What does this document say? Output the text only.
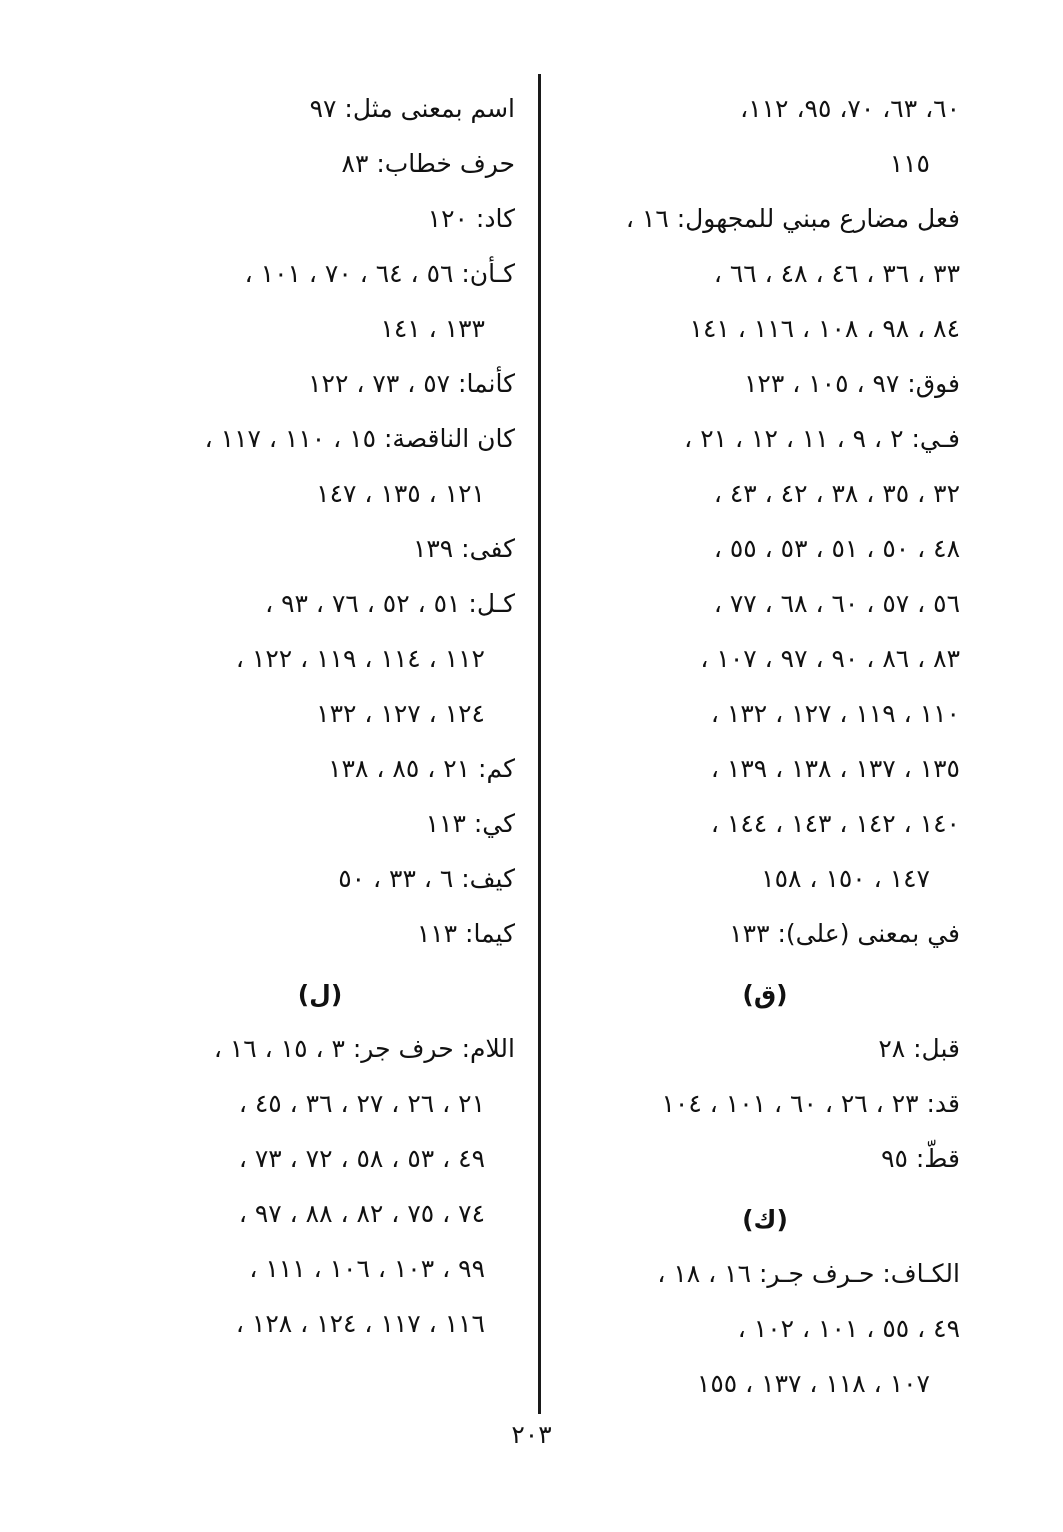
٦٠، ٦٣، ٧٠، ٩٥، ١١٢،
١١٥
فعل مضارع مبني للمجهول: ١٦ ،
٣٣ ، ٣٦ ، ٤٦ ، ٤٨ ، ٦٦ ،
٨٤ ، ٩٨ ، ١٠٨ ، ١١٦ ، ١٤١
فوق: ٩٧ ، ١٠٥ ، ١٢٣
فـي: ٢ ، ٩ ، ١١ ، ١٢ ، ٢١ ،
٣٢ ، ٣٥ ، ٣٨ ، ٤٢ ، ٤٣ ،
٤٨ ، ٥٠ ، ٥١ ، ٥٣ ، ٥٥ ،
٥٦ ، ٥٧ ، ٦٠ ، ٦٨ ، ٧٧ ،
٨٣ ، ٨٦ ، ٩٠ ، ٩٧ ، ١٠٧ ،
١١٠ ، ١١٩ ، ١٢٧ ، ١٣٢ ،
١٣٥ ، ١٣٧ ، ١٣٨ ، ١٣٩ ،
١٤٠ ، ١٤٢ ، ١٤٣ ، ١٤٤ ،
١٤٧ ، ١٥٠ ، ١٥٨
في بمعنى (على): ١٣٣
(ق)
قبل: ٢٨
قد: ٢٣ ، ٢٦ ، ٦٠ ، ١٠١ ، ١٠٤
قطّ: ٩٥
(ك)
الكـاف: حـرف جـر: ١٦ ، ١٨ ،
٤٩ ، ٥٥ ، ١٠١ ، ١٠٢ ،
١٠٧ ، ١١٨ ، ١٣٧ ، ١٥٥
اسم بمعنى مثل: ٩٧
حرف خطاب: ٨٣
كاد: ١٢٠
كـأن: ٥٦ ، ٦٤ ، ٧٠ ، ١٠١ ،
١٣٣ ، ١٤١
كأنما: ٥٧ ، ٧٣ ، ١٢٢
كان الناقصة: ١٥ ، ١١٠ ، ١١٧ ،
١٢١ ، ١٣٥ ، ١٤٧
كفى: ١٣٩
كـل: ٥١ ، ٥٢ ، ٧٦ ، ٩٣ ،
١١٢ ، ١١٤ ، ١١٩ ، ١٢٢ ،
١٢٤ ، ١٢٧ ، ١٣٢
كم: ٢١ ، ٨٥ ، ١٣٨
كي: ١١٣
كيف: ٦ ، ٣٣ ، ٥٠
كيما: ١١٣
(ل)
اللام: حرف جر: ٣ ، ١٥ ، ١٦ ،
٢١ ، ٢٦ ، ٢٧ ، ٣٦ ، ٤٥ ،
٤٩ ، ٥٣ ، ٥٨ ، ٧٢ ، ٧٣ ،
٧٤ ، ٧٥ ، ٨٢ ، ٨٨ ، ٩٧ ،
٩٩ ، ١٠٣ ، ١٠٦ ، ١١١ ،
١١٦ ، ١١٧ ، ١٢٤ ، ١٢٨ ،
٢٠٣
